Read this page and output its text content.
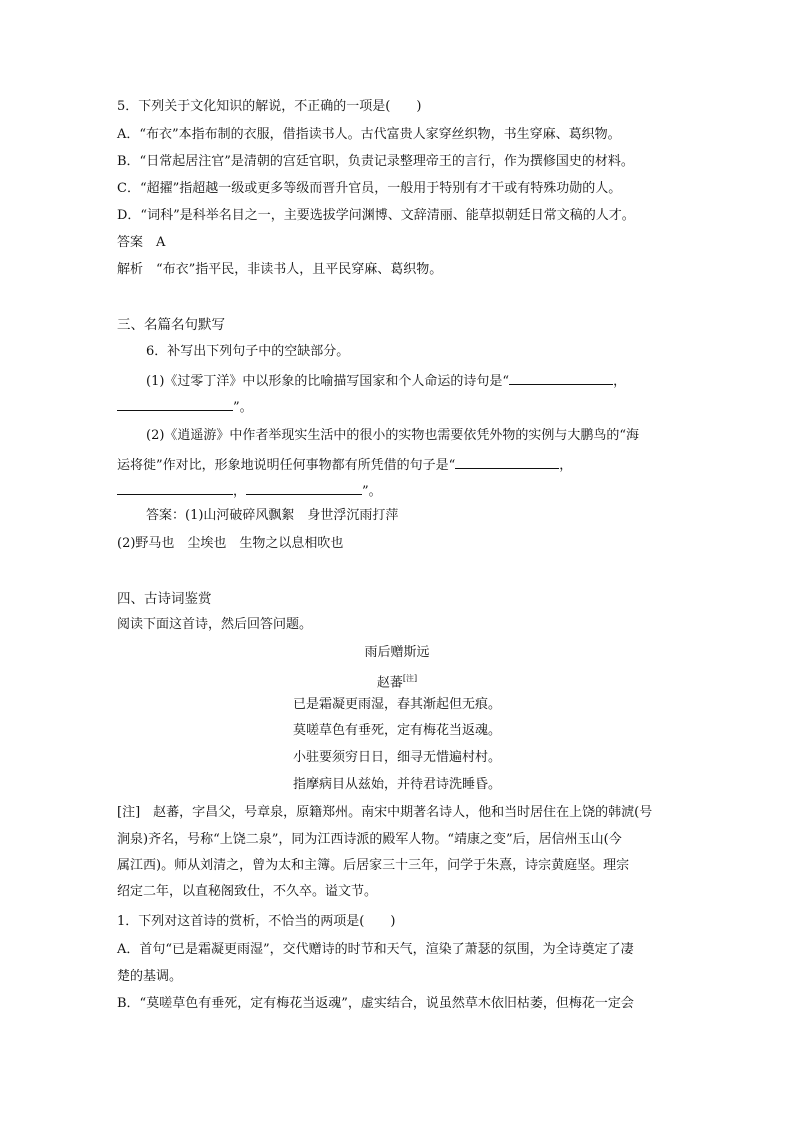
5．下列关于文化知识的解说，不正确的一项是(　　)
A．“布衣”本指布制的衣服，借指读书人。古代富贵人家穿丝织物，书生穿麻、葛织物。
B．“日常起居注官”是清朝的宫廷官职，负责记录整理帝王的言行，作为撰修国史的材料。
C．“超擢”指超越一级或更多等级而晋升官员，一般用于特别有才干或有特殊功勋的人。
D．“词科”是科举名目之一，主要选拔学问渊博、文辞清丽、能草拟朝廷日常文稿的人才。
答案　A
解析　“布衣”指平民，非读书人，且平民穿麻、葛织物。
三、名篇名句默写
6．补写出下列句子中的空缺部分。
(1)《过零丁洋》中以形象的比喻描写国家和个人命运的诗句是“	，
”。
(2)《逍遥游》中作者举现实生活中的很小的实物也需要依凭外物的实例与大鹏鸟的“海
运将徙”作对比，形象地说明任何事物都有所凭借的句子是“	，
，	”。
答案：(1)山河破碎风飘絮　身世浮沉雨打萍
(2)野马也　尘埃也　生物之以息相吹也
四、古诗词鉴赏
阅读下面这首诗，然后回答问题。
雨后赠斯远
赵蕃[注]
已是霜凝更雨湿，春其渐起但无痕。
莫嗟草色有垂死，定有梅花当返魂。
小驻要须穷日日，细寻无惜遍村村。
指摩病目从兹始，并待君诗洗睡昏。
[注]　赵蕃，字昌父，号章泉，原籍郑州。南宋中期著名诗人，他和当时居住在上饶的韩淲(号
涧泉)齐名，号称“上饶二泉”，同为江西诗派的殿军人物。“靖康之变”后，居信州玉山(今
属江西)。师从刘清之，曾为太和主簿。后居家三十三年，问学于朱熹，诗宗黄庭坚。理宗
绍定二年，以直秘阁致仕，不久卒。谥文节。
1．下列对这首诗的赏析，不恰当的两项是(　　)
A．首句“已是霜凝更雨湿”，交代赠诗的时节和天气，渲染了萧瑟的氛围，为全诗奠定了凄
楚的基调。
B．“莫嗟草色有垂死，定有梅花当返魂”，虚实结合，说虽然草木依旧枯萎，但梅花一定会
